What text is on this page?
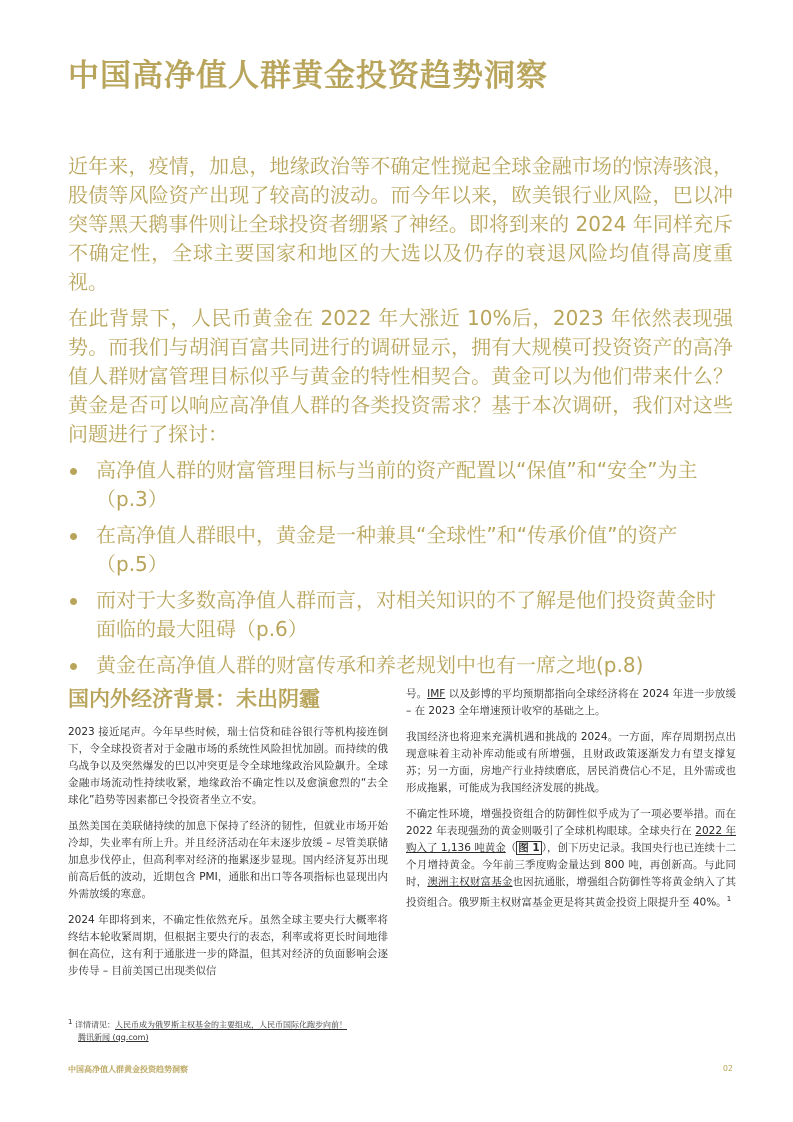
中国高净值人群黄金投资趋势洞察

近年来，疫情，加息，地缘政治等不确定性搅起全球金融市场的惊涛骇浪，股债等风险资产出现了较高的波动。而今年以来，欧美银行业风险，巴以冲突等黑天鹅事件则让全球投资者绷紧了神经。即将到来的 2024 年同样充斥不确定性，全球主要国家和地区的大选以及仍存的衰退风险均值得高度重视。

在此背景下，人民币黄金在 2022 年大涨近 10%后，2023 年依然表现强势。而我们与胡润百富共同进行的调研显示，拥有大规模可投资资产的高净值人群财富管理目标似乎与黄金的特性相契合。黄金可以为他们带来什么？黄金是否可以响应高净值人群的各类投资需求？基于本次调研，我们对这些问题进行了探讨：

高净值人群的财富管理目标与当前的资产配置以“保值”和“安全”为主（p.3）
在高净值人群眼中，黄金是一种兼具“全球性”和“传承价值”的资产（p.5）
而对于大多数高净值人群而言，对相关知识的不了解是他们投资黄金时面临的最大阻碍（p.6）
黄金在高净值人群的财富传承和养老规划中也有一席之地(p.8)
国内外经济背景：未出阴霾

2023 接近尾声。今年早些时候，瑞士信贷和硅谷银行等机构接连倒下，令全球投资者对于金融市场的系统性风险担忧加剧。而持续的俄乌战争以及突然爆发的巴以冲突更是令全球地缘政治风险飙升。全球金融市场流动性持续收紧，地缘政治不确定性以及愈演愈烈的“去全球化”趋势等因素都已令投资者坐立不安。

虽然美国在美联储持续的加息下保持了经济的韧性，但就业市场开始冷却，失业率有所上升。并且经济活动在年末逐步放缓 – 尽管美联储加息步伐停止，但高利率对经济的拖累逐步显现。国内经济复苏出现前高后低的波动，近期包含 PMI，通胀和出口等各项指标也显现出内外需放缓的寒意。

2024 年即将到来，不确定性依然充斥。虽然全球主要央行大概率将终结本轮收紧周期，但根据主要央行的表态，利率或将更长时间地徘徊在高位，这有利于通胀进一步的降温，但其对经济的负面影响会逐步传导 – 目前美国已出现类似信

号。IMF 以及彭博的平均预期都指向全球经济将在 2024 年进一步放缓 – 在 2023 全年增速预计收窄的基础之上。

我国经济也将迎来充满机遇和挑战的 2024。一方面，库存周期拐点出现意味着主动补库动能或有所增强，且财政政策逐渐发力有望支撑复苏；另一方面，房地产行业持续磨底，居民消费信心不足，且外需或也形成拖累，可能成为我国经济发展的挑战。

不确定性环境，增强投资组合的防御性似乎成为了一项必要举措。而在 2022 年表现强劲的黄金则吸引了全球机构眼球。全球央行在 2022 年购入了 1,136 吨黄金（ 图 1 ），创下历史记录。我国央行也已连续十二个月增持黄金。今年前三季度购金量达到 800 吨，再创新高。与此同时，澳洲主权财富基金也因抗通胀，增强组合防御性等将黄金纳入了其投资组合。俄罗斯主权财富基金更是将其黄金投资上限提升至 40%。$^1$

$^1$ 详情请见：人民币成为俄罗斯主权基金的主要组成，人民币国际化跑步向前！
腾讯新闻 (qq.com)
中国高净值人群黄金投资趋势洞察	02
